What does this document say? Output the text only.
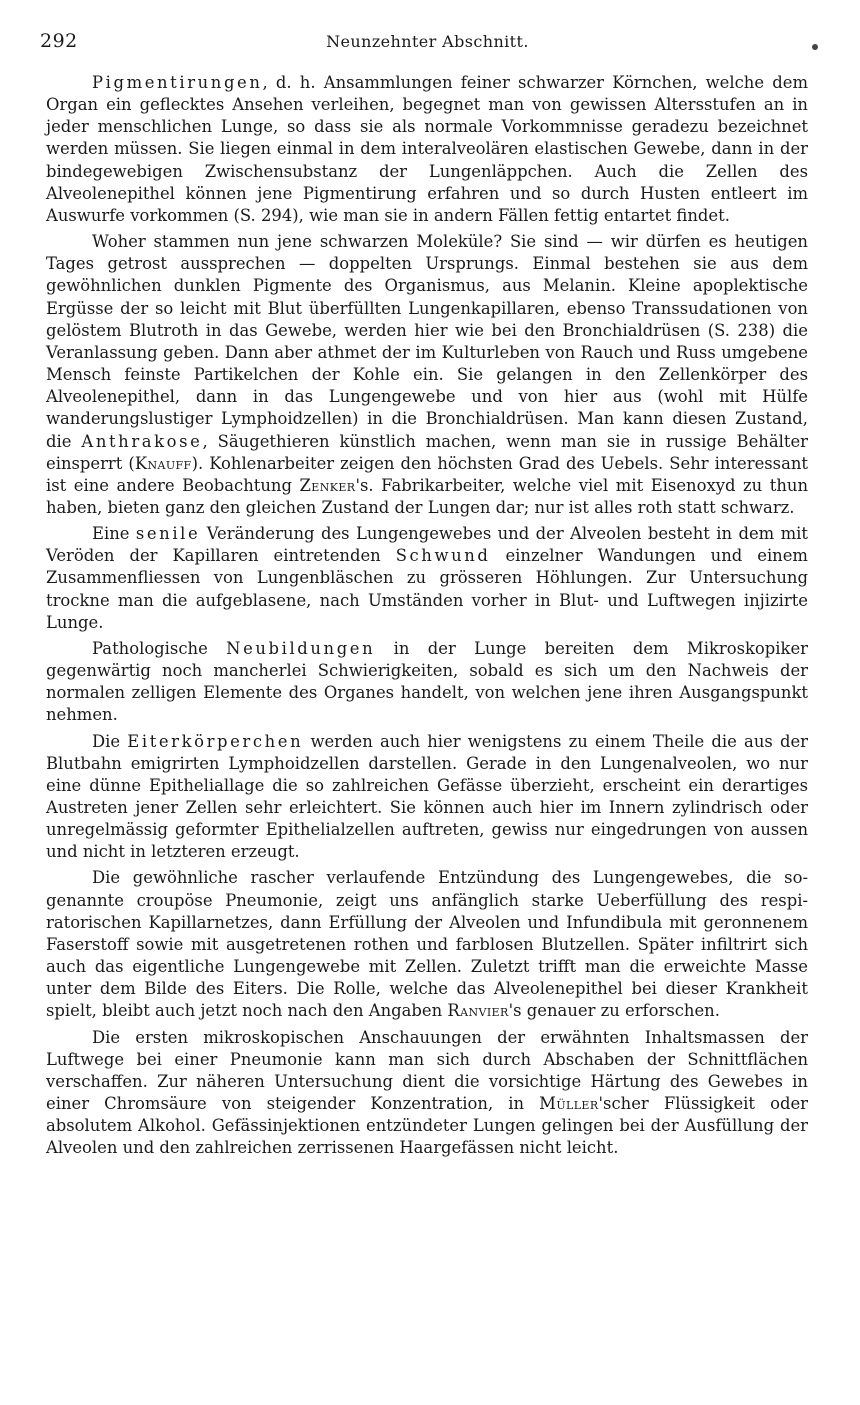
292	Neunzehnter Abschnitt.

Pigmentirungen, d. h. Ansammlungen feiner schwarzer Körnchen, welche dem Organ ein geflecktes Ansehen verleihen, begegnet man von gewissen Altersstufen an in jeder menschlichen Lunge, so dass sie als normale Vorkommnisse geradezu bezeichnet werden müssen. Sie liegen einmal in dem interalveolären elastischen Gewebe, dann in der bindegewebigen Zwischensubstanz der Lungenläppchen. Auch die Zellen des Alveolenepithel können jene Pigmentirung erfahren und so durch Husten entleert im Auswurfe vorkommen (S. 294), wie man sie in andern Fällen fettig entartet findet.

Woher stammen nun jene schwarzen Moleküle? Sie sind — wir dürfen es heutigen Tages getrost aussprechen — doppelten Ursprungs. Einmal bestehen sie aus dem gewöhnlichen dunklen Pigmente des Organismus, aus Melanin. Kleine apoplektische Ergüsse der so leicht mit Blut überfüllten Lungenkapillaren, ebenso Transsudationen von gelöstem Blutroth in das Gewebe, werden hier wie bei den Bronchialdrüsen (S. 238) die Veranlassung geben. Dann aber athmet der im Kulturleben von Rauch und Russ umgebene Mensch feinste Partikelchen der Kohle ein. Sie gelangen in den Zellenkörper des Alveolenepithel, dann in das Lungengewebe und von hier aus (wohl mit Hülfe wanderungslustiger Lymphoidzellen) in die Bronchialdrüsen. Man kann diesen Zustand, die Anthrakose, Säugethieren künstlich machen, wenn man sie in russige Behälter einsperrt (Knauff). Kohlenarbeiter zeigen den höchsten Grad des Uebels. Sehr interessant ist eine andere Beobachtung Zenker's. Fabrikarbeiter, welche viel mit Eisenoxyd zu thun haben, bieten ganz den gleichen Zustand der Lungen dar; nur ist alles roth statt schwarz.

Eine senile Veränderung des Lungengewebes und der Alveolen besteht in dem mit Veröden der Kapillaren eintretenden Schwund einzelner Wandungen und einem Zusammenfliessen von Lungenbläschen zu grösseren Höhlungen. Zur Untersuchung trockne man die aufgeblasene, nach Umständen vorher in Blut- und Luftwegen injizirte Lunge.

Pathologische Neubildungen in der Lunge bereiten dem Mikroskopiker gegenwärtig noch mancherlei Schwierigkeiten, sobald es sich um den Nachweis der normalen zelligen Elemente des Organes handelt, von welchen jene ihren Ausgangspunkt nehmen.

Die Eiterkörperchen werden auch hier wenigstens zu einem Theile die aus der Blutbahn emigrirten Lymphoidzellen darstellen. Gerade in den Lungenalveolen, wo nur eine dünne Epitheliallage die so zahlreichen Gefässe überzieht, erscheint ein derartiges Austreten jener Zellen sehr erleichtert. Sie können auch hier im Innern zylindrisch oder unregelmässig geformter Epithelialzellen auftreten, gewiss nur eingedrungen von aussen und nicht in letzteren erzeugt.

Die gewöhnliche rascher verlaufende Entzündung des Lungengewebes, die sogenannte croupöse Pneumonie, zeigt uns anfänglich starke Ueberfüllung des respiratorischen Kapillarnetzes, dann Erfüllung der Alveolen und Infundibula mit geronnenem Faserstoff sowie mit ausgetretenen rothen und farblosen Blutzellen. Später infiltrirt sich auch das eigentliche Lungengewebe mit Zellen. Zuletzt trifft man die erweichte Masse unter dem Bilde des Eiters. Die Rolle, welche das Alveolenepithel bei dieser Krankheit spielt, bleibt auch jetzt noch nach den Angaben Ranvier's genauer zu erforschen.

Die ersten mikroskopischen Anschauungen der erwähnten Inhaltsmassen der Luftwege bei einer Pneumonie kann man sich durch Abschaben der Schnittflächen verschaffen. Zur näheren Untersuchung dient die vorsichtige Härtung des Gewebes in einer Chromsäure von steigender Konzentration, in Müller'scher Flüssigkeit oder absolutem Alkohol. Gefässinjektionen entzündeter Lungen gelingen bei der Ausfüllung der Alveolen und den zahlreichen zerrissenen Haargefässen nicht leicht.
